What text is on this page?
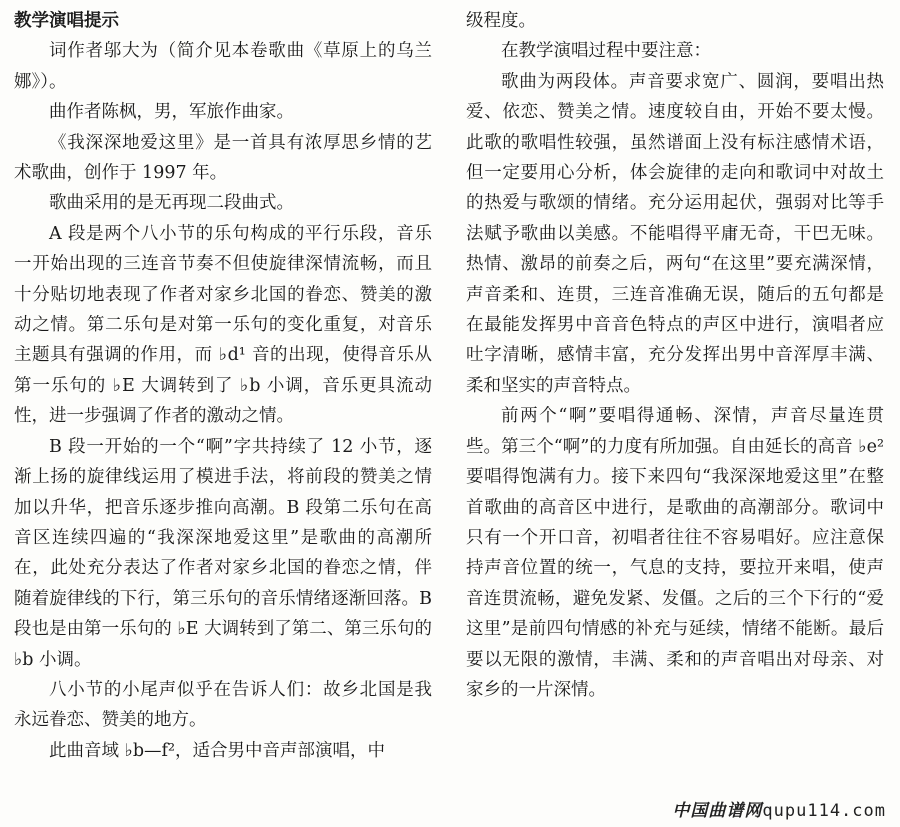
教学演唱提示

词作者邬大为（简介见本卷歌曲《草原上的乌兰娜》）。

曲作者陈枫，男，军旅作曲家。

《我深深地爱这里》是一首具有浓厚思乡情的艺术歌曲，创作于 1997 年。

歌曲采用的是无再现二段曲式。

A 段是两个八小节的乐句构成的平行乐段，音乐一开始出现的三连音节奏不但使旋律深情流畅，而且十分贴切地表现了作者对家乡北国的眷恋、赞美的激动之情。第二乐句是对第一乐句的变化重复，对音乐主题具有强调的作用，而 ♭d¹ 音的出现，使得音乐从第一乐句的 ♭E 大调转到了 ♭b 小调，音乐更具流动性，进一步强调了作者的激动之情。

B 段一开始的一个“啊”字共持续了 12 小节，逐渐上扬的旋律线运用了模进手法，将前段的赞美之情加以升华，把音乐逐步推向高潮。B 段第二乐句在高音区连续四遍的“我深深地爱这里”是歌曲的高潮所在，此处充分表达了作者对家乡北国的眷恋之情，伴随着旋律线的下行，第三乐句的音乐情绪逐渐回落。B 段也是由第一乐句的 ♭E 大调转到了第二、第三乐句的 ♭b 小调。

八小节的小尾声似乎在告诉人们：故乡北国是我永远眷恋、赞美的地方。

此曲音域 ♭b—f²，适合男中音声部演唱，中

级程度。

在教学演唱过程中要注意：

歌曲为两段体。声音要求宽广、圆润，要唱出热爱、依恋、赞美之情。速度较自由，开始不要太慢。此歌的歌唱性较强，虽然谱面上没有标注感情术语，但一定要用心分析，体会旋律的走向和歌词中对故土的热爱与歌颂的情绪。充分运用起伏，强弱对比等手法赋予歌曲以美感。不能唱得平庸无奇，干巴无味。热情、激昂的前奏之后，两句“在这里”要充满深情，声音柔和、连贯，三连音准确无误，随后的五句都是在最能发挥男中音音色特点的声区中进行，演唱者应吐字清晰，感情丰富，充分发挥出男中音浑厚丰满、柔和坚实的声音特点。

前两个“啊”要唱得通畅、深情，声音尽量连贯些。第三个“啊”的力度有所加强。自由延长的高音 ♭e² 要唱得饱满有力。接下来四句“我深深地爱这里”在整首歌曲的高音区中进行，是歌曲的高潮部分。歌词中只有一个开口音，初唱者往往不容易唱好。应注意保持声音位置的统一，气息的支持，要拉开来唱，使声音连贯流畅，避免发紧、发僵。之后的三个下行的“爱这里”是前四句情感的补充与延续，情绪不能断。最后要以无限的激情，丰满、柔和的声音唱出对母亲、对家乡的一片深情。

中国曲谱网qupu114.com
